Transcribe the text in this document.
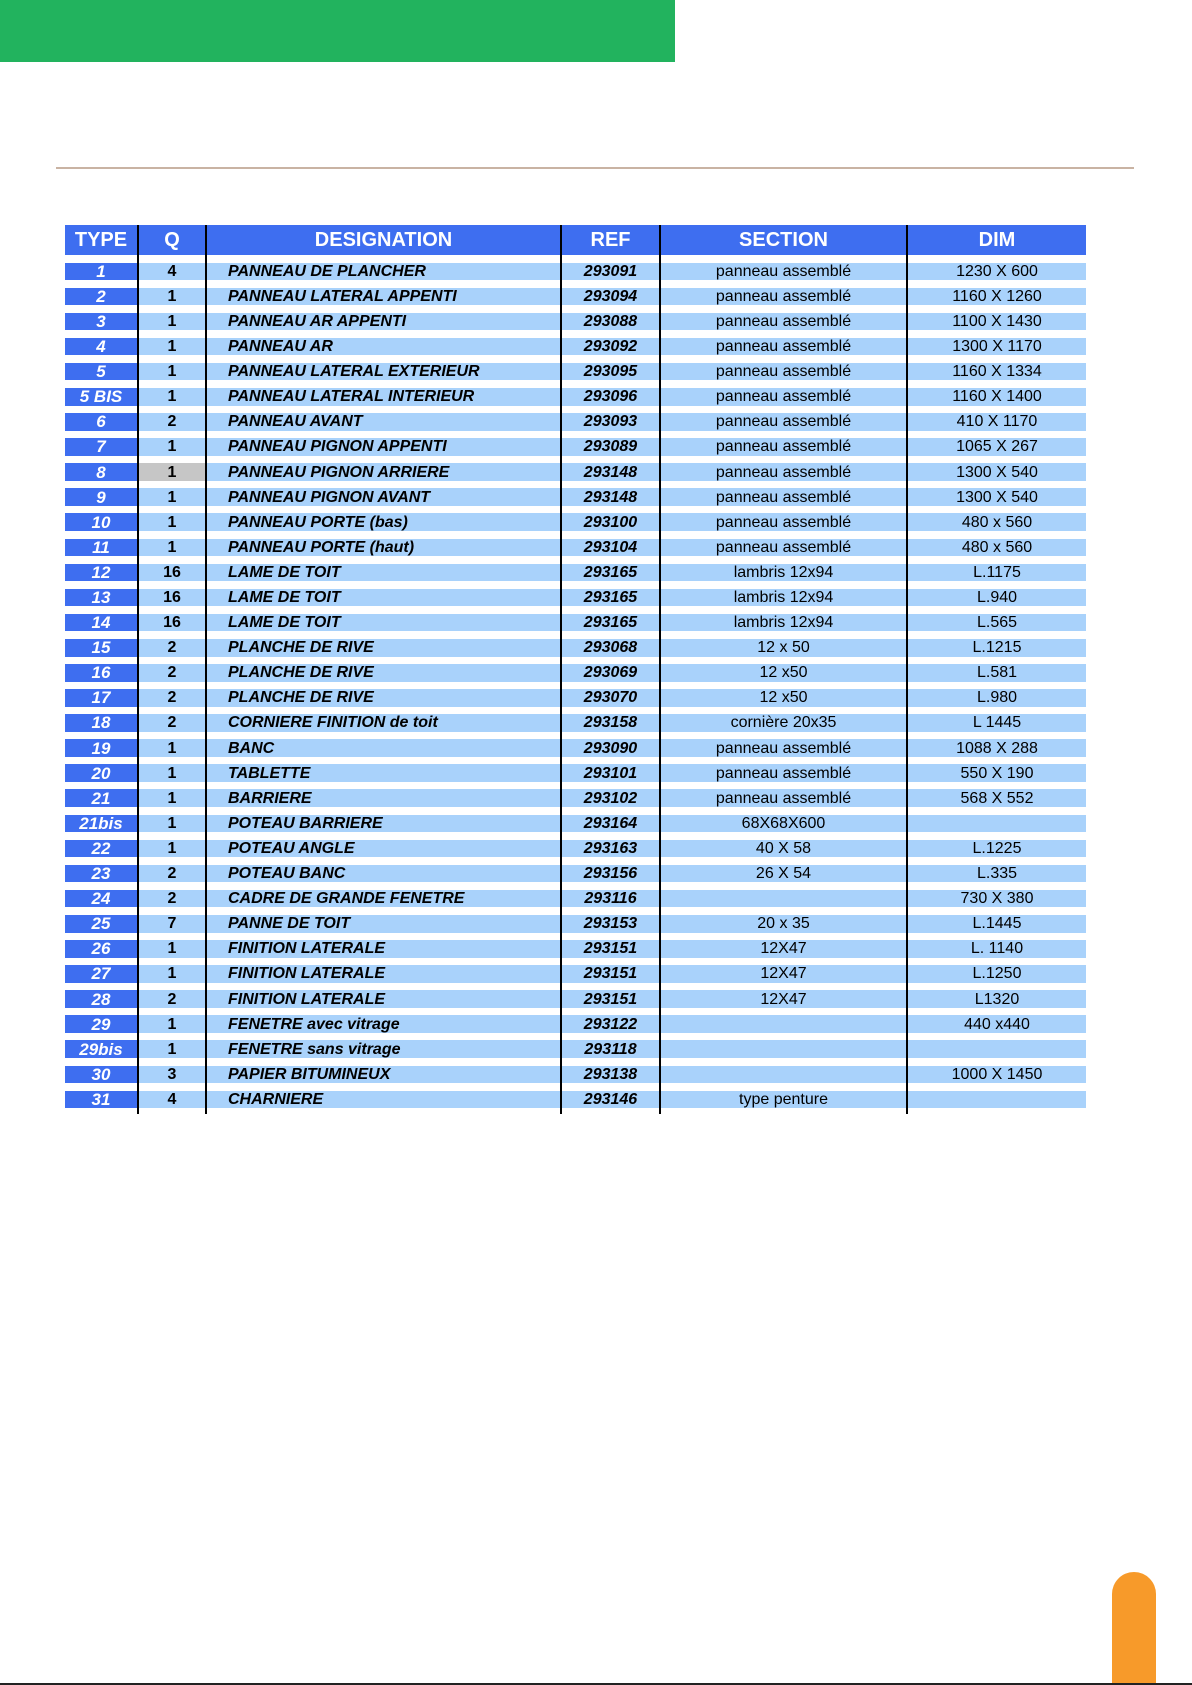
TYPE	Q	DESIGNATION	REF	SECTION	DIM

1	4	PANNEAU DE PLANCHER	293091	panneau assemblé	1230 X 600

2	1	PANNEAU LATERAL APPENTI	293094	panneau assemblé	1160 X 1260

3	1	PANNEAU AR APPENTI	293088	panneau assemblé	1100 X 1430

4	1	PANNEAU AR	293092	panneau assemblé	1300 X 1170

5	1	PANNEAU LATERAL EXTERIEUR	293095	panneau assemblé	1160 X 1334

5 BIS	1	PANNEAU LATERAL INTERIEUR	293096	panneau assemblé	1160 X 1400

6	2	PANNEAU AVANT	293093	panneau assemblé	410 X 1170

7	1	PANNEAU PIGNON APPENTI	293089	panneau assemblé	1065 X 267

8	1	PANNEAU PIGNON ARRIERE	293148	panneau assemblé	1300 X 540

9	1	PANNEAU PIGNON AVANT	293148	panneau assemblé	1300 X 540

10	1	PANNEAU PORTE (bas)	293100	panneau assemblé	480 x 560

11	1	PANNEAU PORTE (haut)	293104	panneau assemblé	480 x 560

12	16	LAME DE TOIT	293165	lambris 12x94	L.1175

13	16	LAME DE TOIT	293165	lambris 12x94	L.940

14	16	LAME DE TOIT	293165	lambris 12x94	L.565

15	2	PLANCHE DE RIVE	293068	12 x 50	L.1215

16	2	PLANCHE DE RIVE	293069	12 x50	L.581

17	2	PLANCHE DE RIVE	293070	12 x50	L.980

18	2	CORNIERE FINITION de toit	293158	cornière 20x35	L 1445

19	1	BANC	293090	panneau assemblé	1088 X 288

20	1	TABLETTE	293101	panneau assemblé	550 X 190

21	1	BARRIERE	293102	panneau assemblé	568 X 552

21bis	1	POTEAU BARRIERE	293164	68X68X600	

22	1	POTEAU ANGLE	293163	40 X 58	L.1225

23	2	POTEAU BANC	293156	26 X 54	L.335

24	2	CADRE DE GRANDE FENETRE	293116		730 X 380

25	7	PANNE DE TOIT	293153	20 x 35	L.1445

26	1	FINITION LATERALE	293151	12X47	L. 1140

27	1	FINITION LATERALE	293151	12X47	L.1250

28	2	FINITION LATERALE	293151	12X47	L1320

29	1	FENETRE avec vitrage	293122		440 x440

29bis	1	FENETRE sans vitrage	293118		

30	3	PAPIER BITUMINEUX	293138		1000 X 1450

31	4	CHARNIERE	293146	type penture	
